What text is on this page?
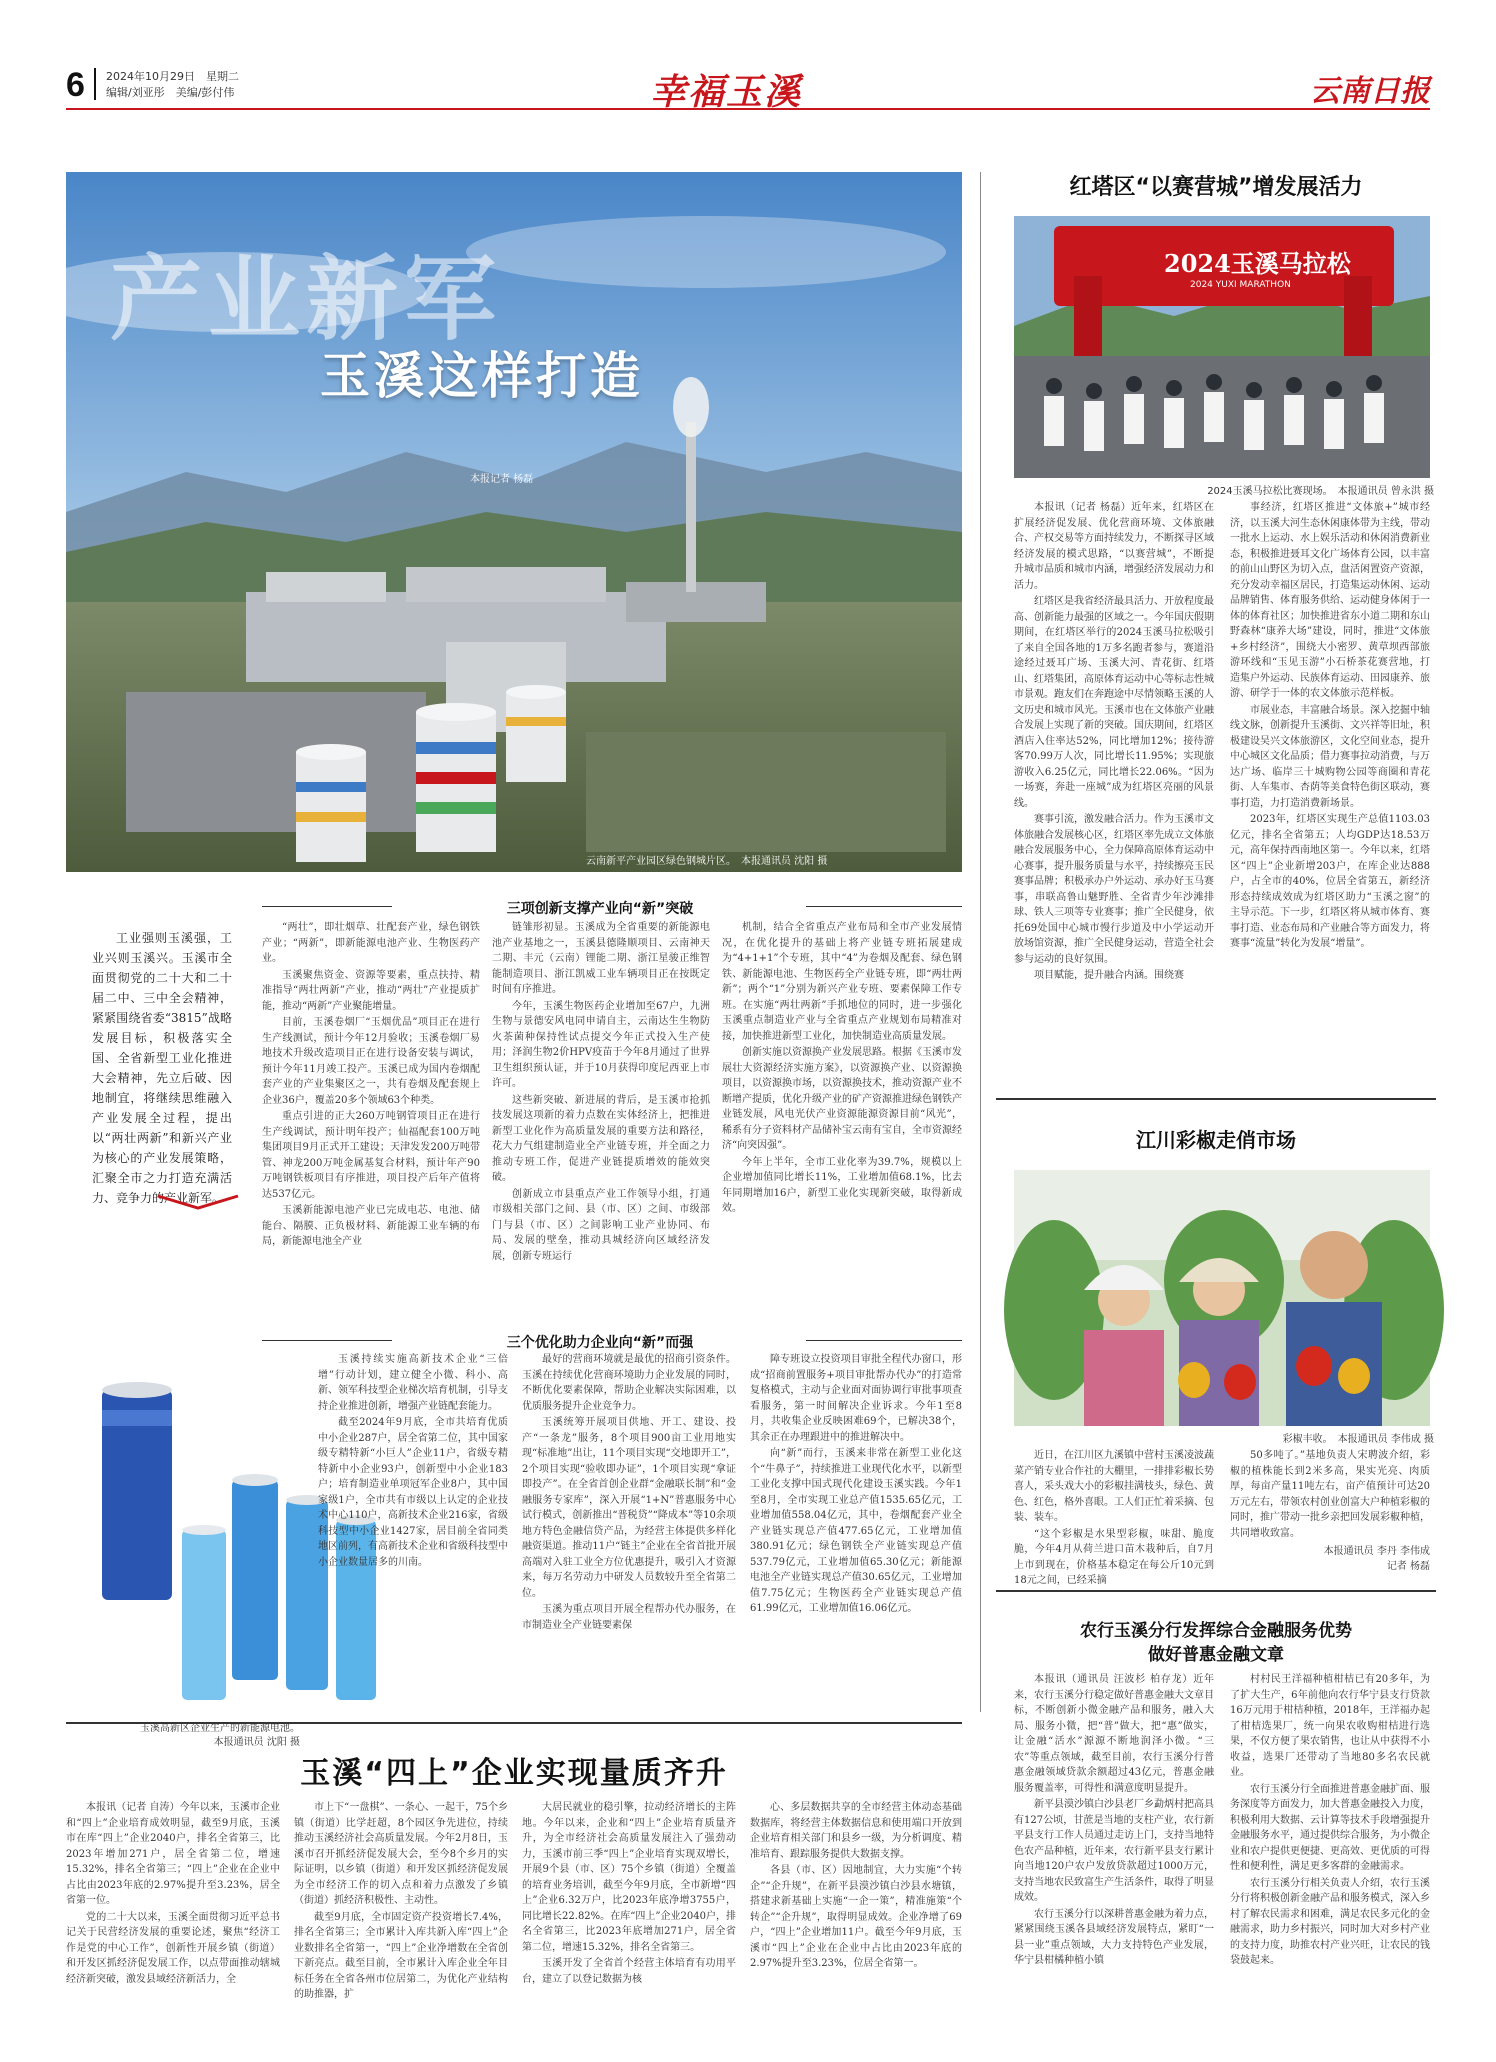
6 2024年10月29日　星期二
编辑/刘亚彤　美编/彭付伟	幸福玉溪	云南日报
产业新军
玉溪这样打造
本报记者 杨磊
云南新平产业园区绿色钢城片区。　本报通讯员 沈阳 摄

工业强则玉溪强，工业兴则玉溪兴。玉溪市全面贯彻党的二十大和二十届二中、三中全会精神，紧紧围绕省委“3815”战略发展目标，积极落实全国、全省新型工业化推进大会精神，先立后破、因地制宜，将继续思维融入产业发展全过程，提出以“两壮两新”和新兴产业为核心的产业发展策略，汇聚全市之力打造充满活力、竞争力的产业新军。

三项创新支撑产业向“新”突破

“两壮”，即壮烟草、壮配套产业，绿色钢铁产业；“两新”，即新能源电池产业、生物医药产业。

玉溪聚焦资金、资源等要素，重点扶持、精准指导“两壮两新”产业，推动“两壮”产业提质扩能，推动“两新”产业聚能增量。

目前，玉溪卷烟厂“玉烟优品”项目正在进行生产线测试，预计今年12月验收；玉溪卷烟厂易地技术升级改造项目正在进行设备安装与调试，预计今年11月竣工投产。玉溪已成为国内卷烟配套产业的产业集聚区之一，共有卷烟及配套规上企业36户，覆盖20多个领域63个种类。

重点引进的正大260万吨钢管项目正在进行生产线调试，预计明年投产；仙福配套100万吨集团项目9月正式开工建设；天津发发200万吨带管、神龙200万吨金属基复合材料，预计年产90万吨钢铁板项目有序推进，项目投产后年产值将达537亿元。

玉溪新能源电池产业已完成电芯、电池、储能台、隔膜、正负极材料、新能源工业车辆的布局，新能源电池全产业

链雏形初显。玉溪成为全省重要的新能源电池产业基地之一，玉溪县德隆顺项目、云南神天二期、丰元（云南）锂能二期、浙江星骏正维智能制造项目、浙江凯威工业车辆项目正在按既定时间有序推进。

今年，玉溪生物医药企业增加至67户，九洲生物与景德安风电同申请自主，云南达生生物防火茶菌种保持性试点提交今年正式投入生产使用；泽润生物2价HPV疫苗于今年8月通过了世界卫生组织预认证，并于10月获得印度尼西亚上市许可。

这些新突破、新进展的背后，是玉溪市抢抓技发展这项新的着力点数在实体经济上，把推进新型工业化作为高质量发展的重要方法和路径，花大力气组建制造业全产业链专班，并全面之力推动专班工作，促进产业链提质增效的能效突破。

创新成立市县重点产业工作领导小组，打通市级相关部门之间、县（市、区）之间、市级部门与县（市、区）之间影响工业产业协同、布局、发展的壁垒，推动具城经济向区域经济发展，创新专班运行

机制，结合全省重点产业布局和全市产业发展情况，在优化提升的基础上将产业链专班拓展建成为“4+1+1”个专班，其中“4”为卷烟及配套、绿色钢铁、新能源电池、生物医药全产业链专班，即“两壮两新”；两个“1”分别为新兴产业专班、要素保障工作专班。在实施“两壮两新”手抓地位的同时，进一步强化玉溪重点制造业产业与全省重点产业规划布局精准对接，加快推进新型工业化，加快制造业高质量发展。

创新实施以资源换产业发展思路。根据《玉溪市发展壮大资源经济实施方案》，以资源换产业、以资源换项目，以资源换市场，以资源换技术，推动资源产业不断增产提质，优化升级产业的矿产资源推进绿色钢铁产业链发展，风电光伏产业资源能源资源目前“风光”，稀系有分子资料材产品储补宝云南有宝自，全市资源经济“向突因强”。

今年上半年，全市工业化率为39.7%，规模以上企业增加值同比增长11%，工业增加值68.1%，比去年同期增加16户，新型工业化实现新突破，取得新成效。

三个优化助力企业向“新”而强
玉溪高新区企业生产的新能源电池。
本报通讯员 沈阳 摄

玉溪持续实施高新技术企业“三倍增”行动计划，建立健全小微、科小、高新、领军科技型企业梯次培育机制，引导支持企业推进创新，增强产业链配套能力。

截至2024年9月底，全市共培育优质中小企业287户，居全省第二位，其中国家级专精特新“小巨人”企业11户，省级专精特新中小企业93户，创新型中小企业183户；培育制造业单项冠军企业8户，其中国家级1户，全市共有市级以上认定的企业技术中心110户，高新技术企业216家，省级科技型中小企业1427家，居目前全省同类地区前列，有高新技术企业和省级科技型中小企业数量居多的川南。

最好的营商环境就是最优的招商引资条件。玉溪在持续优化营商环境助力企业发展的同时，不断优化要素保障，帮助企业解决实际困难，以优质服务提升企业竞争力。

玉溪统筹开展项目供地、开工、建设、投产“一条龙”服务，8个项目900亩工业用地实现“标准地”出让，11个项目实现“交地即开工”，2个项目实现“验收即办证”，1个项目实现“拿证即投产”。在全省首创企业群“金融联长制”和“金融服务专家库”，深入开展“1+N”普惠服务中心试行模式，创新推出“普税贷”“降成本”等10余项地方特色金融信贷产品，为经营主体提供多样化融资渠道。推动11户“链主”企业在全省首批开展高端对入驻工业全方位优惠提升，吸引入才资源来，每万名劳动力中研发人员数较升至全省第二位。

玉溪为重点项目开展全程帮办代办服务，在市制造业全产业链要素保

障专班设立投资项目审批全程代办窗口，形成“招商前置服务+项目审批帮办代办”的打造常复格模式，主动与企业面对面协调行审批事项查看服务，第一时间解决企业诉求。今年1至8月，共收集企业反映困难69个，已解决38个，其余正在办理跟进中的推进解决中。

向“新”而行，玉溪来非常在新型工业化这个“牛鼻子”，持续推进工业现代化水平，以新型工业化支撑中国式现代化建设玉溪实践。今年1至8月，全市实现工业总产值1535.65亿元，工业增加值558.04亿元，其中，卷烟配套产业全产业链实现总产值477.65亿元，工业增加值380.91亿元；绿色钢铁全产业链实现总产值537.79亿元，工业增加值65.30亿元；新能源电池全产业链实现总产值30.65亿元，工业增加值7.75亿元；生物医药全产业链实现总产值61.99亿元，工业增加值16.06亿元。

玉溪“四上”企业实现量质齐升

本报讯（记者 自涛）今年以来，玉溪市企业和“四上”企业培育成效明显，截至9月底，玉溪市在库“四上”企业2040户，排名全省第三，比2023年增加271户，居全省第二位，增速15.32%，排名全省第三；“四上”企业在企业中占比由2023年底的2.97%提升至3.23%，居全省第一位。

党的二十大以来，玉溪全面贯彻习近平总书记关于民营经济发展的重要论述，聚焦“经济工作是党的中心工作”，创新性开展乡镇（街道）和开发区抓经济促发展工作，以点带面推动辖城经济新突破，激发县域经济新活力，全

市上下“一盘棋”、一条心、一起干，75个乡镇（街道）比学赶超，8个园区争先进位，持续推动玉溪经济社会高质量发展。今年2月8日，玉溪市召开抓经济促发展大会，至今8个乡月的实际证明，以乡镇（街道）和开发区抓经济促发展为全市经济工作的切入点和着力点激发了乡镇（街道）抓经济积极性、主动性。

截至9月底，全市固定资产投资增长7.4%，排名全省第三；全市累计入库共新入库“四上”企业数排名全省第一，“四上”企业净增数在全省创下新亮点。截至目前，全市累计入库企业全年目标任务在全省各州市位居第二，为优化产业结构的助推器，扩

大居民就业的稳引擎，拉动经济增长的主阵地。今年以来，企业和“四上”企业培育质量齐升，为全市经济社会高质量发展注入了强劲动力，玉溪市前三季“四上”企业培育实现双增长，开展9个县（市、区）75个乡镇（街道）全覆盖的培育业务培训，截至今年9月底，全市新增“四上”企业6.32万户，比2023年底净增3755户，同比增长22.82%。在库“四上”企业2040户，排名全省第三，比2023年底增加271户，居全省第二位，增速15.32%，排名全省第三。

玉溪开发了全省首个经营主体培育有功用平台，建立了以登记数据为核

心、多层数据共享的全市经营主体动态基础数据库，将经营主体数据信息和使用端口开放到企业培育相关部门和县乡一级，为分析调度、精准培育、跟踪服务提供大数据支撑。

各县（市、区）因地制宜，大力实施“个转企”“企升规”，在新平县漠沙镇白沙县水塘镇，搭建求新基础上实施“一企一策”，精准施策“个转企”“企升规”，取得明显成效。企业净增了69户，“四上”企业增加11户。截至今年9月底，玉溪市“四上”企业在企业中占比由2023年底的2.97%提升至3.23%，位居全省第一。

红塔区“以赛营城”增发展活力
2024玉溪马拉松
2024 YUXI MARATHON
2024玉溪马拉松比赛现场。　本报通讯员 曾永洪 摄

本报讯（记者 杨磊）近年来，红塔区在扩展经济促发展、优化营商环境、文体旅融合、产权交易等方面持续发力，不断探寻区域经济发展的模式思路，“以赛营城”，不断提升城市品质和城市内涵，增强经济发展动力和活力。

红塔区是我省经济最具活力、开放程度最高、创新能力最强的区域之一。今年国庆假期期间，在红塔区举行的2024玉溪马拉松吸引了来自全国各地的1万多名跑者参与，赛道沿途经过聂耳广场、玉溪大河、青花街、红塔山、红塔集团，高原体育运动中心等标志性城市景观。跑友们在奔跑途中尽情领略玉溪的人文历史和城市风光。玉溪市也在文体旅产业融合发展上实现了新的突破。国庆期间，红塔区酒店入住率达52%，同比增加12%；接待游客70.99万人次，同比增长11.95%；实现旅游收入6.25亿元，同比增长22.06%。“因为一场赛，奔赴一座城”成为红塔区亮丽的风景线。

赛事引流，激发融合活力。作为玉溪市文体旅融合发展核心区，红塔区率先成立文体旅融合发展服务中心，全力保障高原体育运动中心赛事，提升服务质量与水平，持续擦亮玉民赛事品牌；积极承办户外运动、承办好玉马赛事，串联高鲁山魅野胜、全省青少年沙滩排球、铁人三项等专业赛事；推广全民健身，依托69处国中心城市慢行步道及中小学运动开放场馆资源，推广全民健身运动，营造全社会参与运动的良好氛围。

项目赋能，提升融合内涵。围绕赛

事经济，红塔区推进“文体旅+”城市经济，以玉溪大河生态休闲康体带为主线，带动一批水上运动、水上娱乐活动和休闲消费新业态，积极推进聂耳文化广场体育公园，以丰富的前山山野区为切入点，盘活闲置资产资源，充分发动幸福区居民，打造集运动休闲、运动品牌销售、体育服务供给、运动健身体闲于一体的体育社区；加快推进省东小道二期和东山野森林“康养大场”建设，同时，推进“文体旅+乡村经济”，围绕大小密罗、黄草坝西部旅游环线和“玉见玉游”小石桥茶花赛营地，打造集户外运动、民族体育运动、田园康养、旅游、研学于一体的农文体旅示范样板。

市展业态，丰富融合场景。深入挖掘中轴线文脉，创新提升玉溪街、文兴祥等旧址，积极建设吴兴文体旅游区，文化空间业态，提升中心城区文化品质；借力赛事拉动消费，与万达广场、临岸三十城购物公园等商圈和青花街、人车集市、杏荫等美食特色街区联动，赛事打造，力打造消费新场景。

2023年，红塔区实现生产总值1103.03亿元，排名全省第五；人均GDP达18.53万元，高年保持西南地区第一。今年以来，红塔区“四上”企业新增203户，在库企业达888户，占全市的40%，位居全省第五，新经济形态持续成效成为红塔区助力“玉溪之窗”的主导示范。下一步，红塔区将从城市体育、赛事打造、业态布局和产业融合等方面发力，将赛事“流量”转化为发展“增量”。

江川彩椒走俏市场
彩椒丰收。　本报通讯员 李伟成 摄

近日，在江川区九溪镇中营村玉溪凌波蔬菜产销专业合作社的大棚里，一排排彩椒长势喜人，采头戏大小的彩椒挂满枝头，绿色、黄色、红色，格外喜眼。工人们正忙着采摘、包装、装车。

“这个彩椒是水果型彩椒，味甜、脆度脆，今年4月从荷兰进口苗木栽种后，自7月上市到现在，价格基本稳定在每公斤10元到18元之间，已经采摘

50多吨了。”基地负责人宋聘波介绍，彩椒的植株能长到2米多高，果实光亮、肉质厚，每亩产量11吨左右，亩产值预计可达20万元左右，带领农村创业创富大户种植彩椒的同时，推广带动一批乡亲把回发展彩椒种植，共同增收致富。

本报通讯员 李丹 李伟成
记者 杨磊
农行玉溪分行发挥综合金融服务优势
做好普惠金融文章

本报讯（通讯员 汪波杉 柏存龙）近年来，农行玉溪分行稳定做好普惠金融大文章目标，不断创新小微金融产品和服务，融入大局、服务小微，把“普”做大，把“惠”做实，让金融“活水”源源不断地润泽小微。“三农”等重点领域，截至目前，农行玉溪分行普惠金融领域贷款余额超过43亿元，普惠金融服务覆盖率，可得性和满意度明显提升。

新平县漠沙镇白沙县老厂乡勐炳村把高具有127公顷，甘蔗是当地的支柱产业，农行新平县支行工作人员通过走访上门，支持当地特色农产品种植，近年来，农行新平县支行累计向当地120户农户发放贷款超过1000万元，支持当地农民致富生产生活条件，取得了明显成效。

农行玉溪分行以深耕普惠金融为着力点，紧紧围绕玉溪各县域经济发展特点，紧盯“一县一业”重点领域，大力支持特色产业发展，华宁县柑橘种植小镇

村村民王洋福种植柑桔已有20多年，为了扩大生产，6年前他向农行华宁县支行贷款16万元用于柑桔种植，2018年，王洋福办起了柑桔选果厂，统一向果农收购柑桔进行选果，不仅方便了果农销售，也让从中获得不小收益，选果厂还带动了当地80多名农民就业。

农行玉溪分行全面推进普惠金融扩面、服务深度等方面发力，加大普惠金融投入力度，积极利用大数据、云计算等技术手段增强提升金融服务水平，通过提供综合服务，为小微企业和农户提供更便捷、更高效、更优质的可得性和便利性，满足更多客群的金融需求。

农行玉溪分行相关负责人介绍，农行玉溪分行将积极创新金融产品和服务模式，深入乡村了解农民需求和困难，满足农民多元化的金融需求，助力乡村振兴，同时加大对乡村产业的支持力度，助推农村产业兴旺，让农民的钱袋鼓起来。
